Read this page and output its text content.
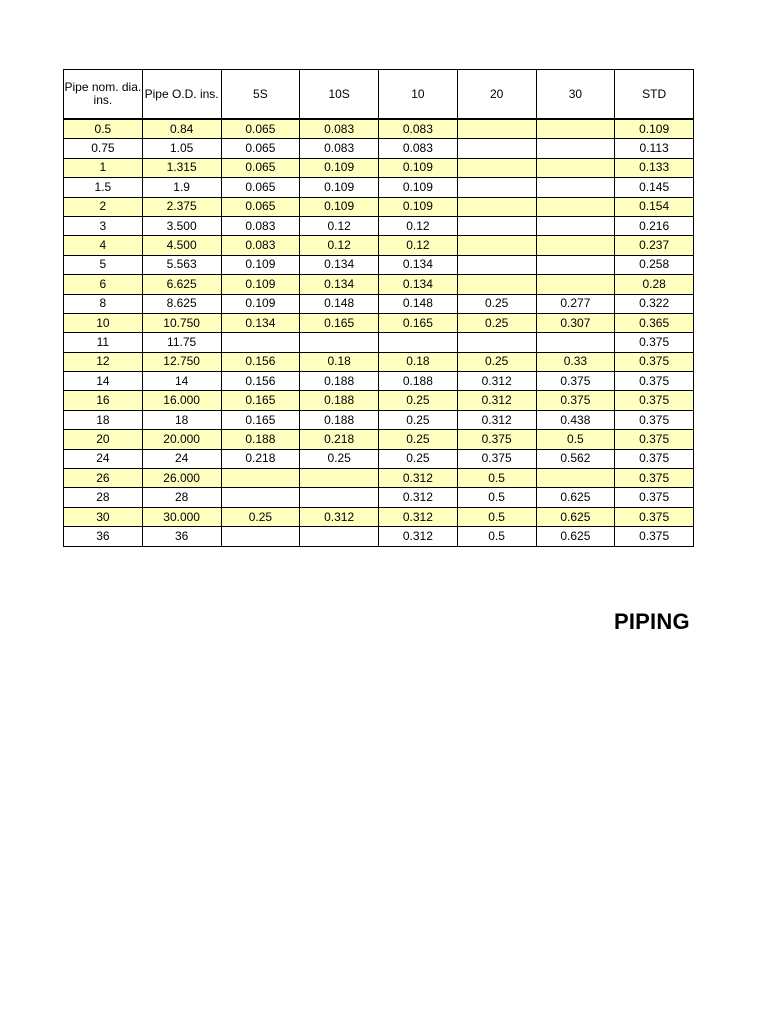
Pipe nom. dia. ins.	Pipe O.D. ins.	5S	10S	10	20	30	STD
0.5	0.84	0.065	0.083	0.083			0.109
0.75	1.05	0.065	0.083	0.083			0.113
1	1.315	0.065	0.109	0.109			0.133
1.5	1.9	0.065	0.109	0.109			0.145
2	2.375	0.065	0.109	0.109			0.154
3	3.500	0.083	0.12	0.12			0.216
4	4.500	0.083	0.12	0.12			0.237
5	5.563	0.109	0.134	0.134			0.258
6	6.625	0.109	0.134	0.134			0.28
8	8.625	0.109	0.148	0.148	0.25	0.277	0.322
10	10.750	0.134	0.165	0.165	0.25	0.307	0.365
11	11.75						0.375
12	12.750	0.156	0.18	0.18	0.25	0.33	0.375
14	14	0.156	0.188	0.188	0.312	0.375	0.375
16	16.000	0.165	0.188	0.25	0.312	0.375	0.375
18	18	0.165	0.188	0.25	0.312	0.438	0.375
20	20.000	0.188	0.218	0.25	0.375	0.5	0.375
24	24	0.218	0.25	0.25	0.375	0.562	0.375
26	26.000			0.312	0.5		0.375
28	28			0.312	0.5	0.625	0.375
30	30.000	0.25	0.312	0.312	0.5	0.625	0.375
36	36			0.312	0.5	0.625	0.375
PIPING
